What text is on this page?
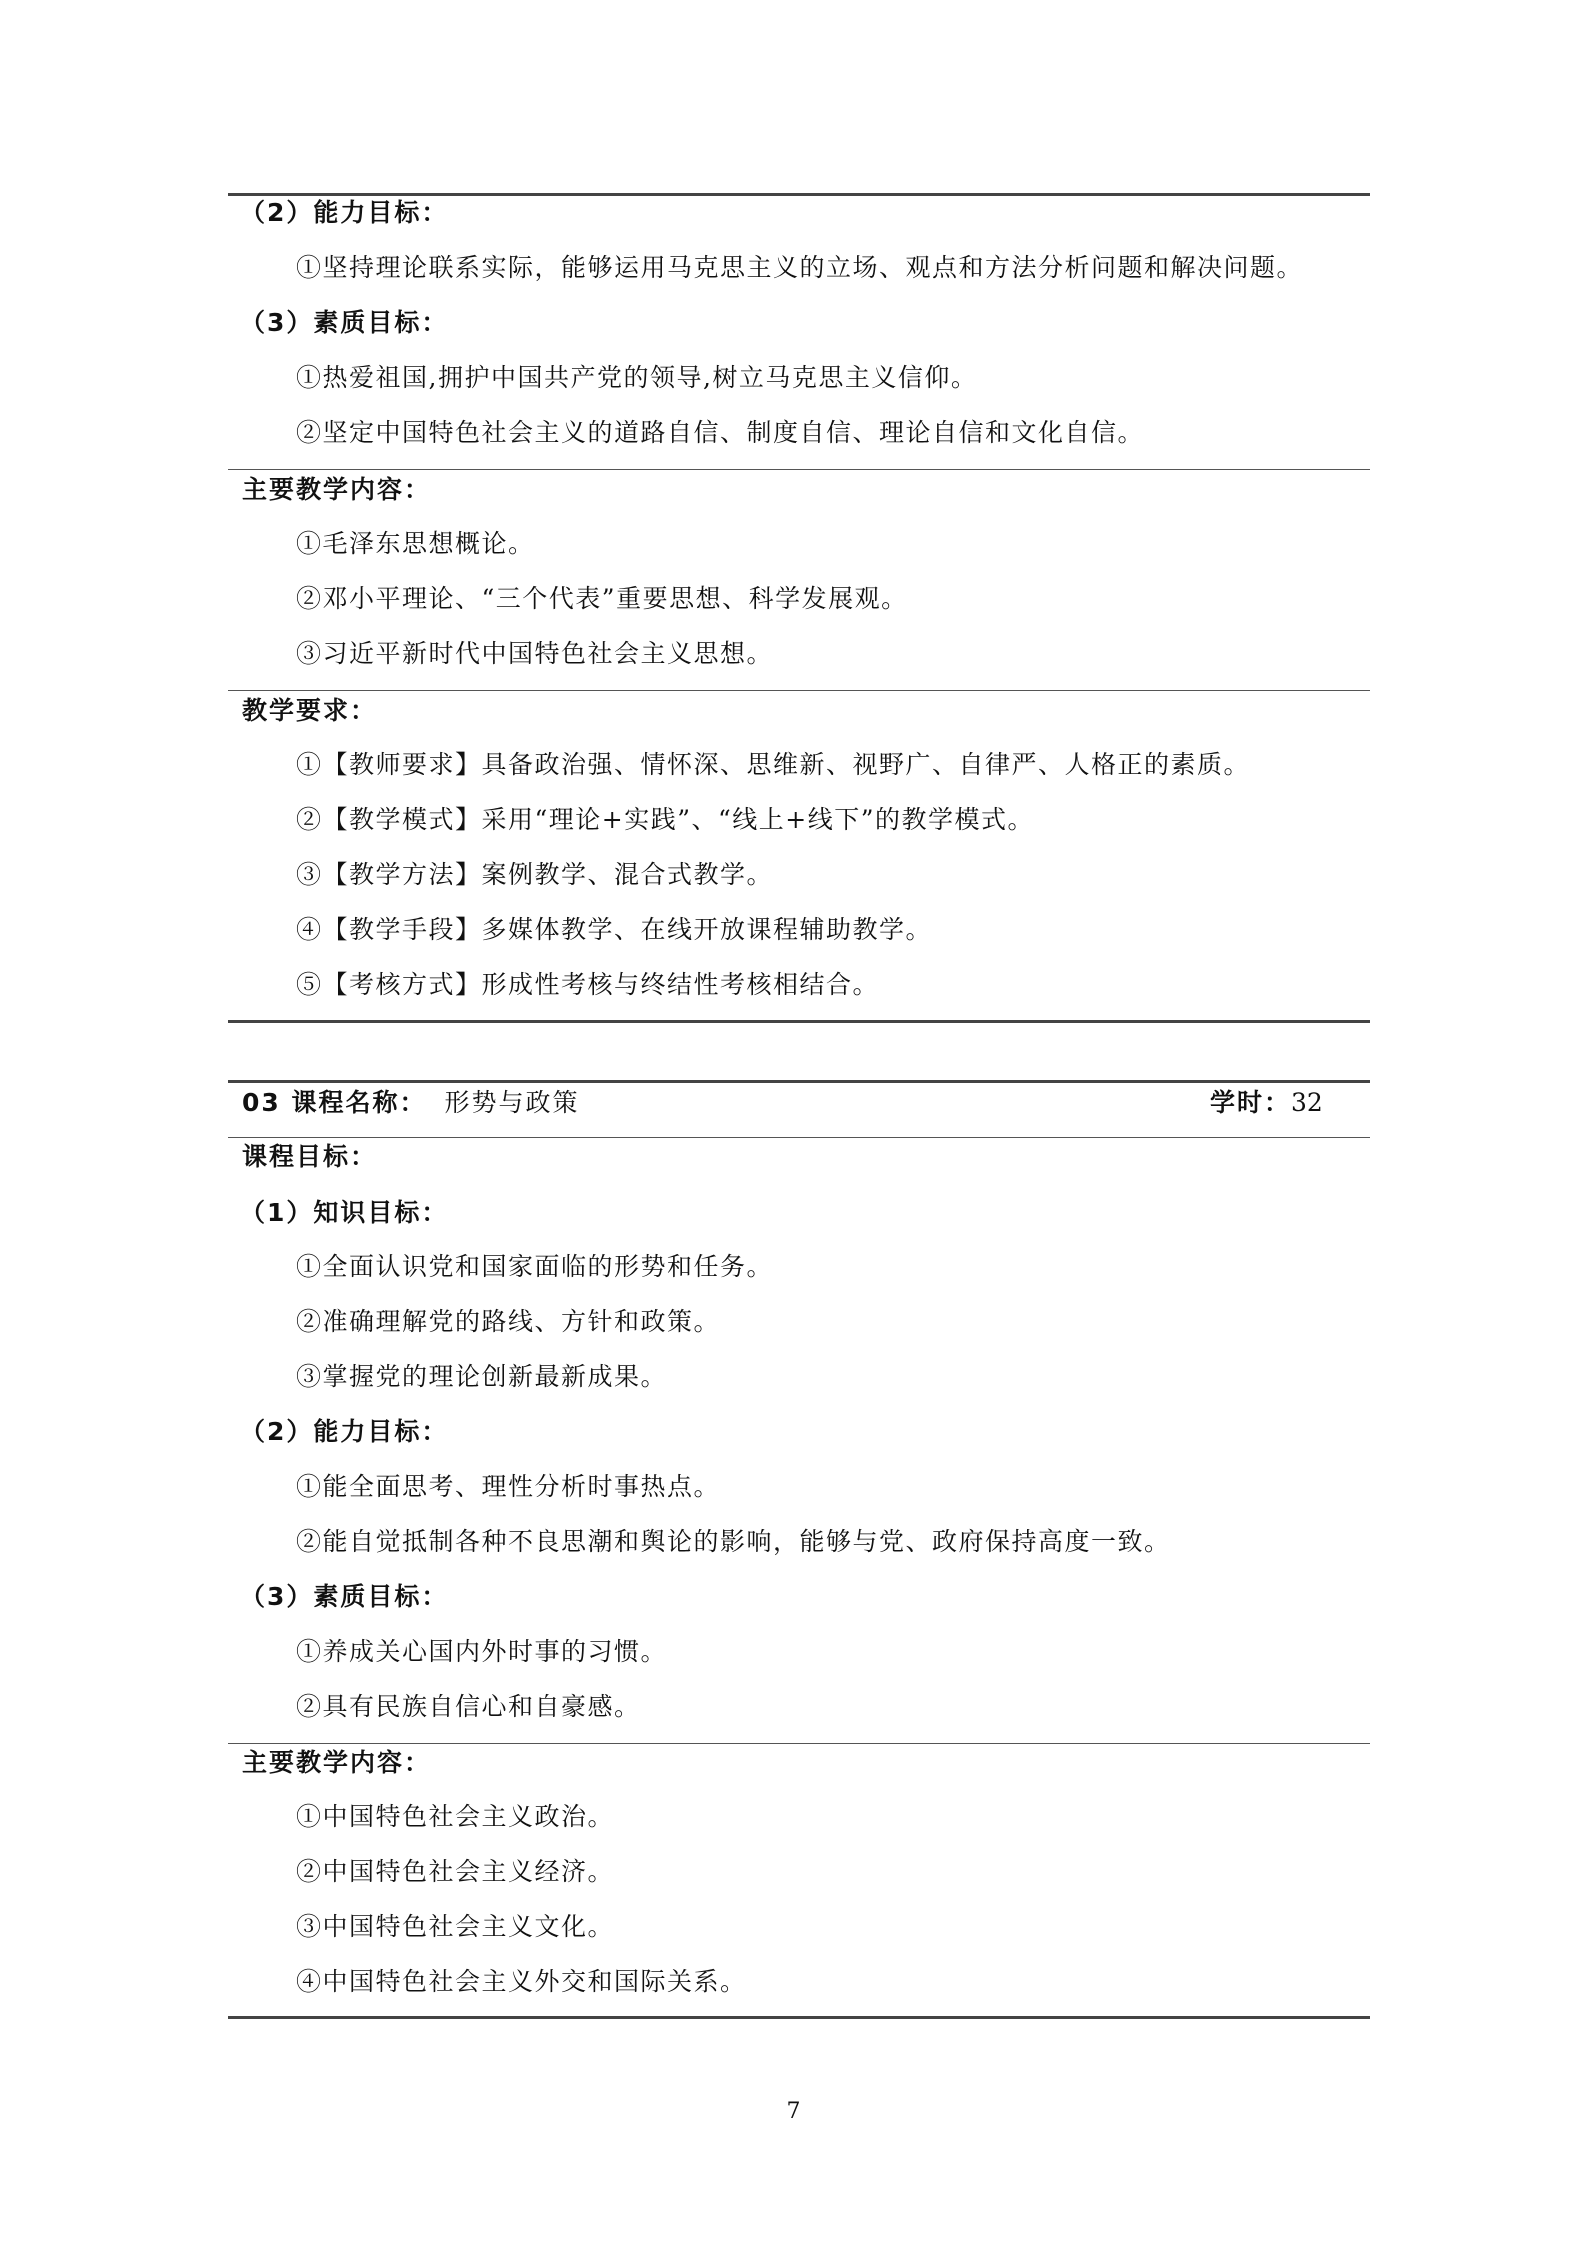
（2）能力目标：
①坚持理论联系实际，能够运用马克思主义的立场、观点和方法分析问题和解决问题。
（3）素质目标：
①热爱祖国,拥护中国共产党的领导,树立马克思主义信仰。
②坚定中国特色社会主义的道路自信、制度自信、理论自信和文化自信。
主要教学内容：
①毛泽东思想概论。
②邓小平理论、“三个代表”重要思想、科学发展观。
③习近平新时代中国特色社会主义思想。
教学要求：
①【教师要求】具备政治强、情怀深、思维新、视野广、自律严、人格正的素质。
②【教学模式】采用“理论+实践”、“线上+线下”的教学模式。
③【教学方法】案例教学、混合式教学。
④【教学手段】多媒体教学、在线开放课程辅助教学。
⑤【考核方式】形成性考核与终结性考核相结合。
03 课程名称： 形势与政策	学时：32
课程目标：
（1）知识目标：
①全面认识党和国家面临的形势和任务。
②准确理解党的路线、方针和政策。
③掌握党的理论创新最新成果。
（2）能力目标：
①能全面思考、理性分析时事热点。
②能自觉抵制各种不良思潮和舆论的影响，能够与党、政府保持高度一致。
（3）素质目标：
①养成关心国内外时事的习惯。
②具有民族自信心和自豪感。
主要教学内容：
①中国特色社会主义政治。
②中国特色社会主义经济。
③中国特色社会主义文化。
④中国特色社会主义外交和国际关系。
7
